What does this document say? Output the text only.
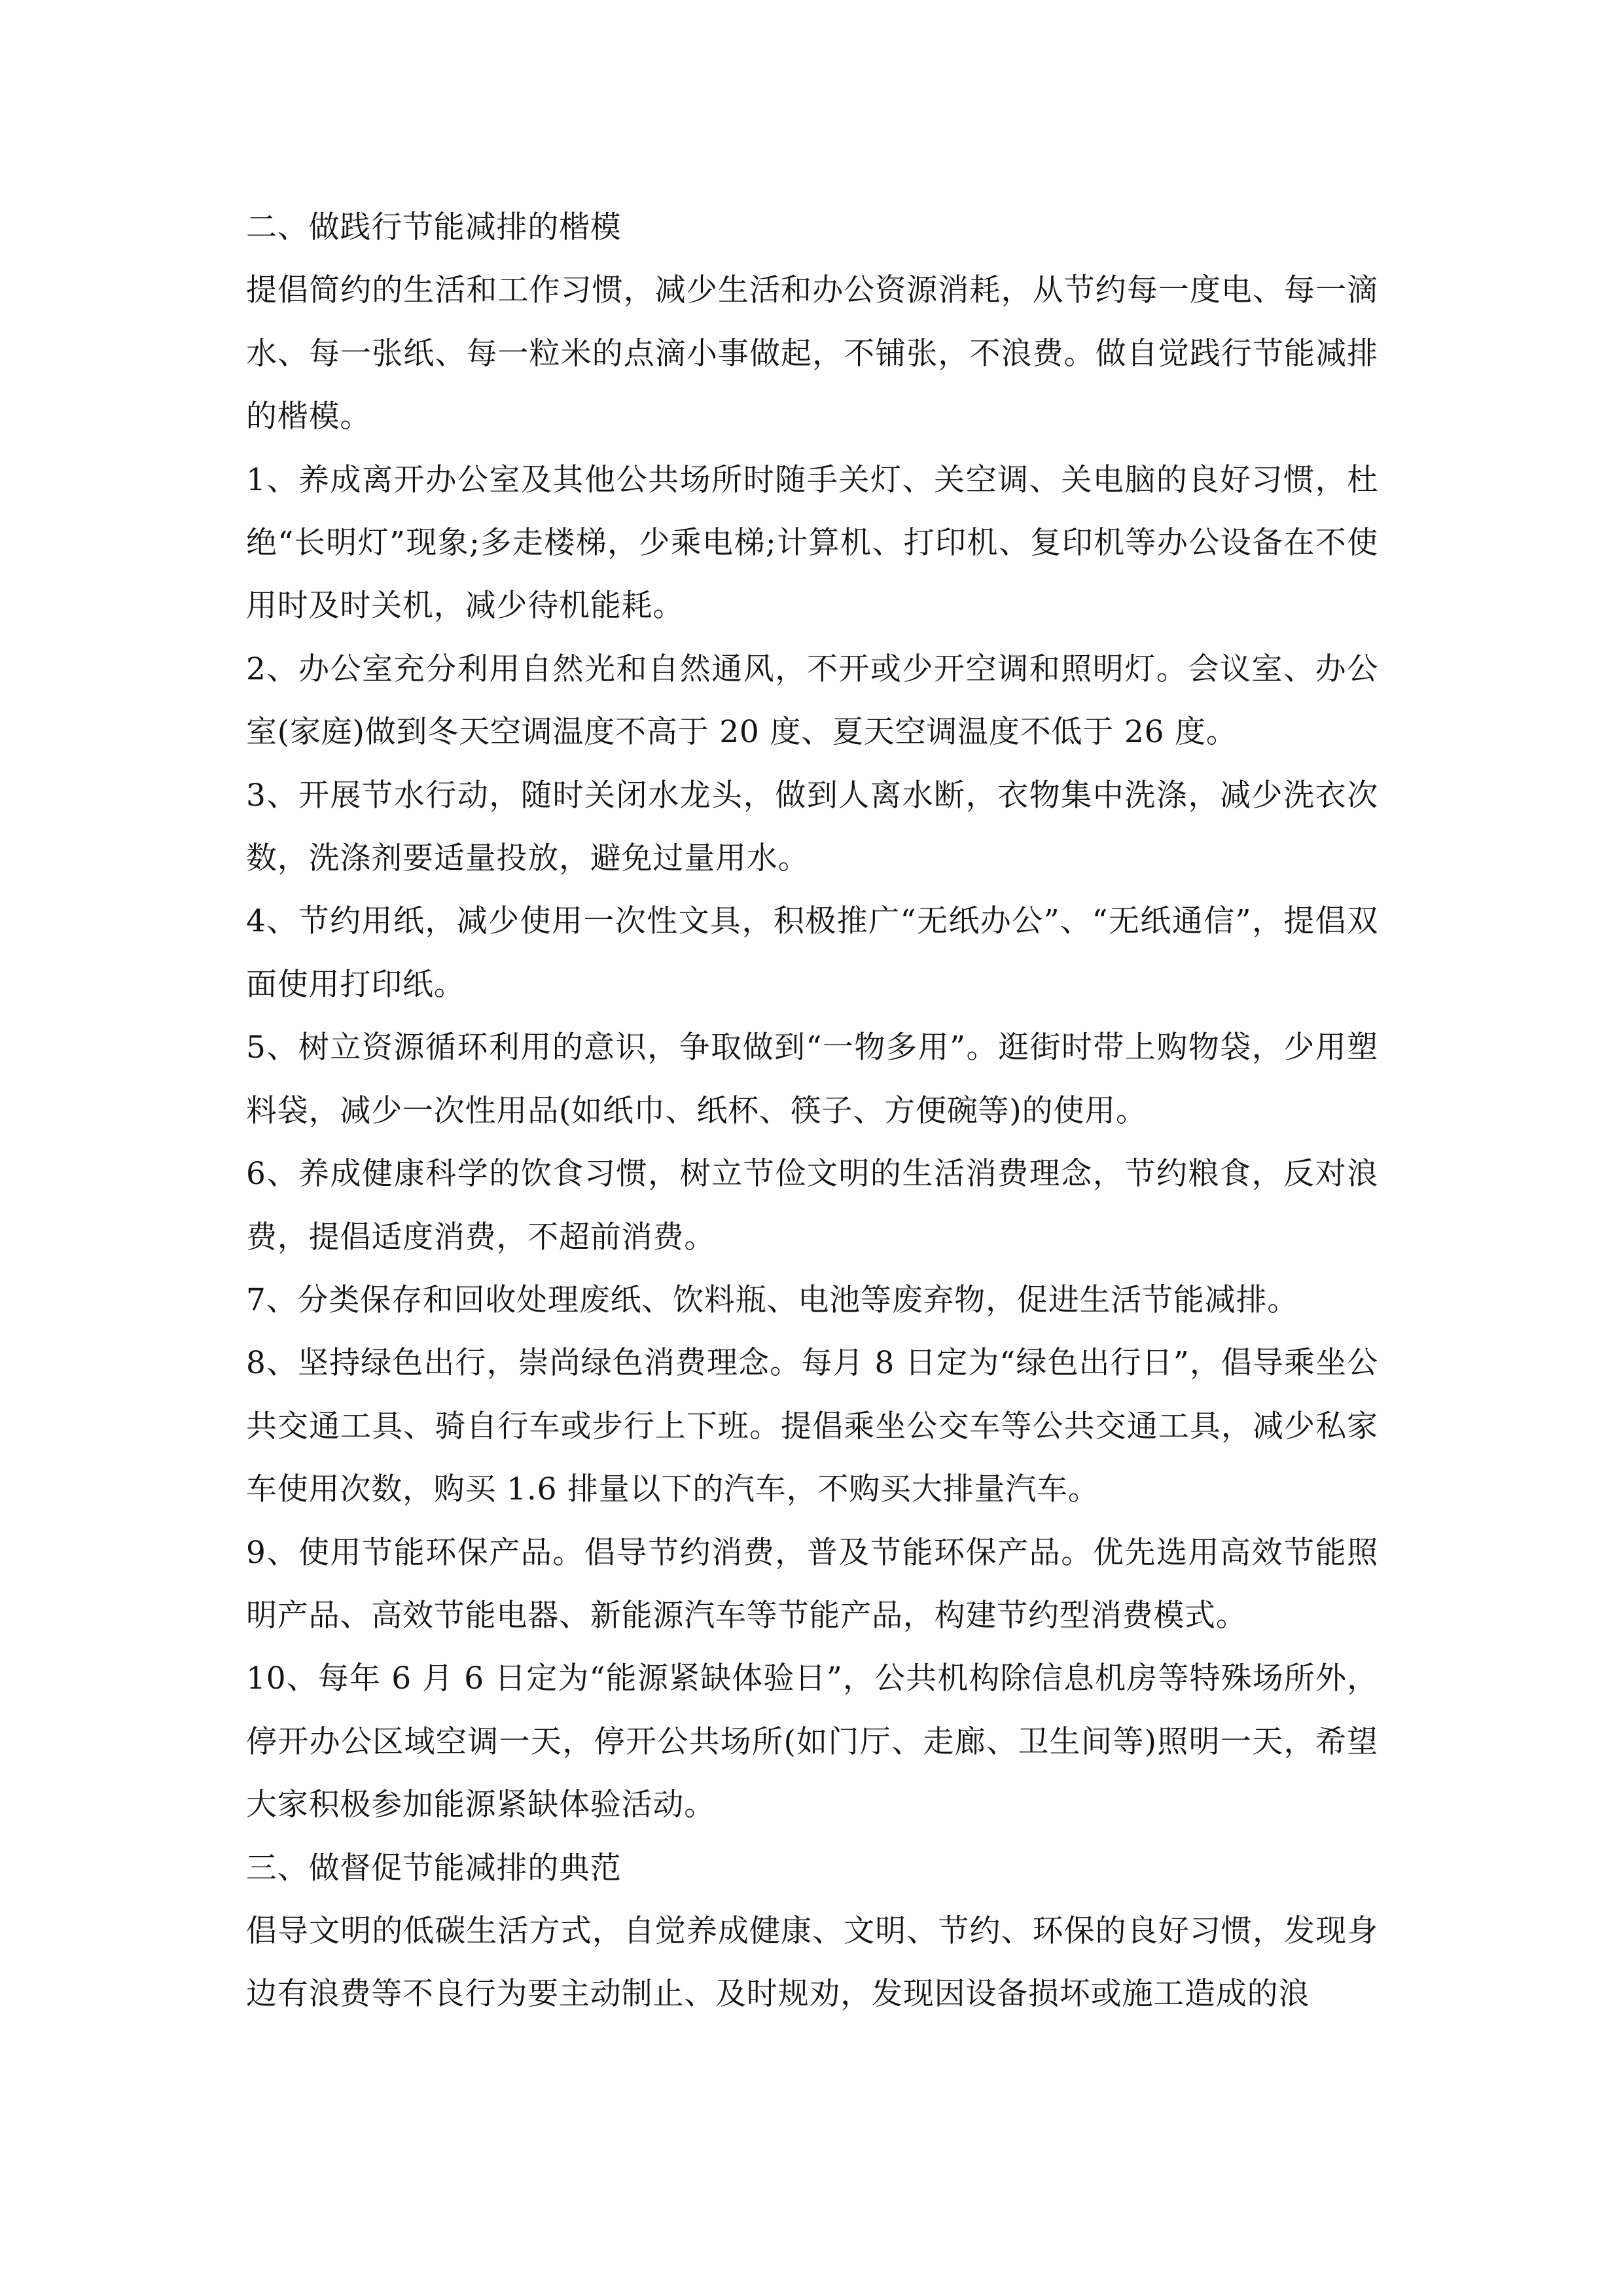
二、做践行节能减排的楷模

提倡简约的生活和工作习惯，减少生活和办公资源消耗，从节约每一度电、每一滴水、每一张纸、每一粒米的点滴小事做起，不铺张，不浪费。做自觉践行节能减排的楷模。

1、养成离开办公室及其他公共场所时随手关灯、关空调、关电脑的良好习惯，杜绝“长明灯”现象;多走楼梯，少乘电梯;计算机、打印机、复印机等办公设备在不使用时及时关机，减少待机能耗。

2、办公室充分利用自然光和自然通风，不开或少开空调和照明灯。会议室、办公室(家庭)做到冬天空调温度不高于 20 度、夏天空调温度不低于 26 度。

3、开展节水行动，随时关闭水龙头，做到人离水断，衣物集中洗涤，减少洗衣次数，洗涤剂要适量投放，避免过量用水。

4、节约用纸，减少使用一次性文具，积极推广“无纸办公”、“无纸通信”，提倡双面使用打印纸。

5、树立资源循环利用的意识，争取做到“一物多用”。逛街时带上购物袋，少用塑料袋，减少一次性用品(如纸巾、纸杯、筷子、方便碗等)的使用。

6、养成健康科学的饮食习惯，树立节俭文明的生活消费理念，节约粮食，反对浪费，提倡适度消费，不超前消费。

7、分类保存和回收处理废纸、饮料瓶、电池等废弃物，促进生活节能减排。

8、坚持绿色出行，崇尚绿色消费理念。每月 8 日定为“绿色出行日”，倡导乘坐公共交通工具、骑自行车或步行上下班。提倡乘坐公交车等公共交通工具，减少私家车使用次数，购买 1.6 排量以下的汽车，不购买大排量汽车。

9、使用节能环保产品。倡导节约消费，普及节能环保产品。优先选用高效节能照明产品、高效节能电器、新能源汽车等节能产品，构建节约型消费模式。

10、每年 6 月 6 日定为“能源紧缺体验日”，公共机构除信息机房等特殊场所外，停开办公区域空调一天，停开公共场所(如门厅、走廊、卫生间等)照明一天，希望大家积极参加能源紧缺体验活动。

三、做督促节能减排的典范

倡导文明的低碳生活方式，自觉养成健康、文明、节约、环保的良好习惯，发现身边有浪费等不良行为要主动制止、及时规劝，发现因设备损坏或施工造成的浪
